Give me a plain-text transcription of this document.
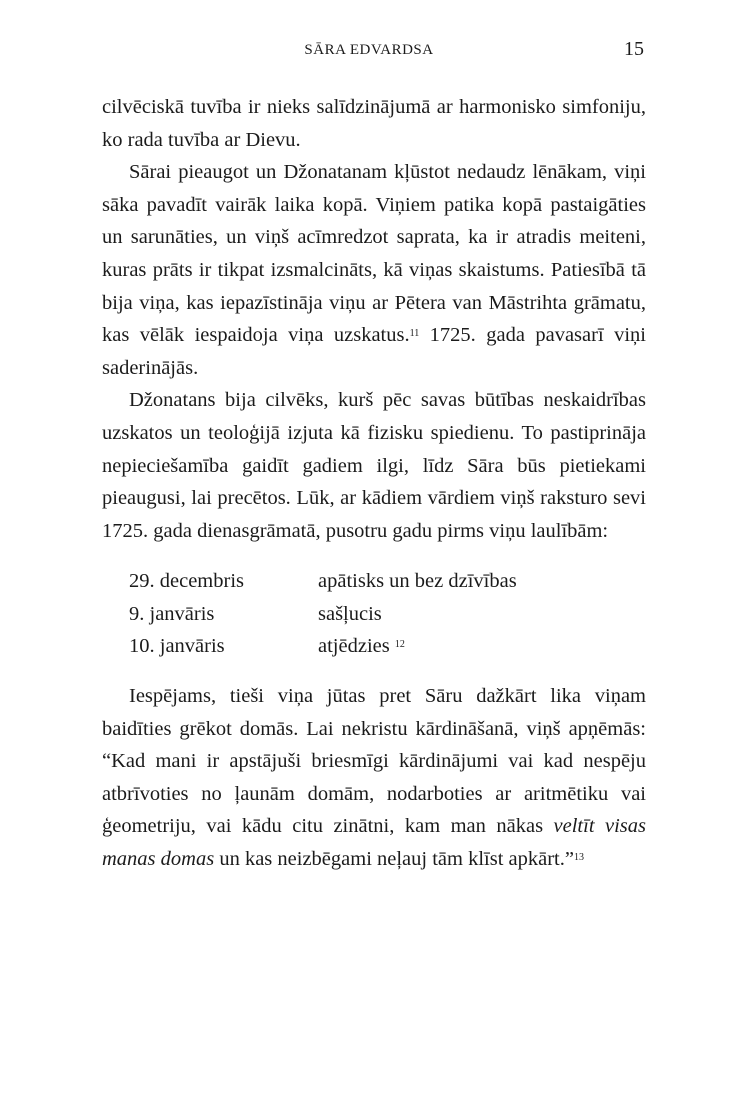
SĀRA EDVARDSA	15

cilvēciskā tuvība ir nieks salīdzinājumā ar harmonisko simfoniju, ko rada tuvība ar Dievu.

Sārai pieaugot un Džonatanam kļūstot nedaudz lēnākam, viņi sāka pavadīt vairāk laika kopā. Viņiem patika kopā pastaigāties un sarunāties, un viņš acīmredzot saprata, ka ir atradis meiteni, kuras prāts ir tikpat izsmalcināts, kā viņas skaistums. Patiesībā tā bija viņa, kas iepazīstināja viņu ar Pētera van Māstrihta grāmatu, kas vēlāk iespaidoja viņa uzskatus.$^{11}$ 1725. gada pavasarī viņi saderinājās.

Džonatans bija cilvēks, kurš pēc savas būtības neskaidrības uzskatos un teoloģijā izjuta kā fizisku spiedienu. To pastiprināja nepieciešamība gaidīt gadiem ilgi, līdz Sāra būs pietiekami pieaugusi, lai precētos. Lūk, ar kādiem vārdiem viņš raksturo sevi 1725. gada dienasgrāmatā, pusotru gadu pirms viņu laulībām:

29. decembris	apātisks un bez dzīvības
9. janvāris	sašļucis
10. janvāris	atjēdzies $^{12}$

Iespējams, tieši viņa jūtas pret Sāru dažkārt lika viņam baidīties grēkot domās. Lai nekristu kārdināšanā, viņš apņēmās: “Kad mani ir apstājuši briesmīgi kārdinājumi vai kad nespēju atbrīvoties no ļaunām domām, nodarboties ar aritmētiku vai ģeometriju, vai kādu citu zinātni, kam man nākas veltīt visas manas domas un kas neizbēgami neļauj tām klīst apkārt.”$^{13}$
